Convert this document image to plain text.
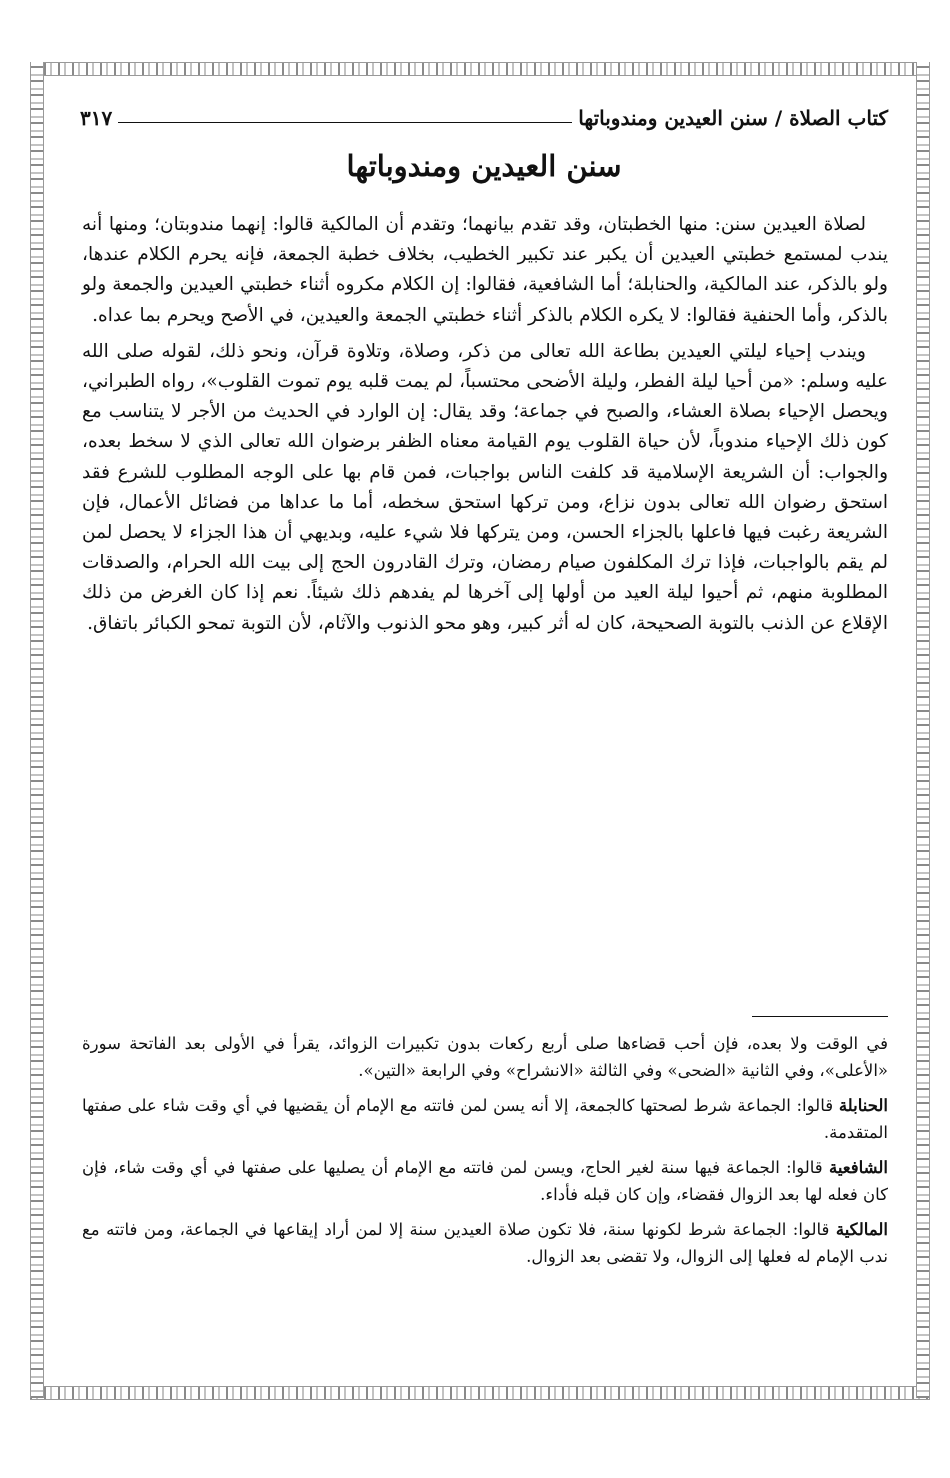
كتاب الصلاة / سنن العيدين ومندوباتها
٣١٧
سنن العيدين ومندوباتها

لصلاة العيدين سنن: منها الخطبتان، وقد تقدم بيانهما؛ وتقدم أن المالكية قالوا: إنهما مندوبتان؛ ومنها أنه يندب لمستمع خطبتي العيدين أن يكبر عند تكبير الخطيب، بخلاف خطبة الجمعة، فإنه يحرم الكلام عندها، ولو بالذكر، عند المالكية، والحنابلة؛ أما الشافعية، فقالوا: إن الكلام مكروه أثناء خطبتي العيدين والجمعة ولو بالذكر، وأما الحنفية فقالوا: لا يكره الكلام بالذكر أثناء خطبتي الجمعة والعيدين، في الأصح ويحرم بما عداه.

ويندب إحياء ليلتي العيدين بطاعة الله تعالى من ذكر، وصلاة، وتلاوة قرآن، ونحو ذلك، لقوله صلى الله عليه وسلم: «من أحيا ليلة الفطر، وليلة الأضحى محتسباً، لم يمت قلبه يوم تموت القلوب»، رواه الطبراني، ويحصل الإحياء بصلاة العشاء، والصبح في جماعة؛ وقد يقال: إن الوارد في الحديث من الأجر لا يتناسب مع كون ذلك الإحياء مندوباً، لأن حياة القلوب يوم القيامة معناه الظفر برضوان الله تعالى الذي لا سخط بعده، والجواب: أن الشريعة الإسلامية قد كلفت الناس بواجبات، فمن قام بها على الوجه المطلوب للشرع فقد استحق رضوان الله تعالى بدون نزاع، ومن تركها استحق سخطه، أما ما عداها من فضائل الأعمال، فإن الشريعة رغبت فيها فاعلها بالجزاء الحسن، ومن يتركها فلا شيء عليه، وبديهي أن هذا الجزاء لا يحصل لمن لم يقم بالواجبات، فإذا ترك المكلفون صيام رمضان، وترك القادرون الحج إلى بيت الله الحرام، والصدقات المطلوبة منهم، ثم أحيوا ليلة العيد من أولها إلى آخرها لم يفدهم ذلك شيئاً. نعم إذا كان الغرض من ذلك الإقلاع عن الذنب بالتوبة الصحيحة، كان له أثر كبير، وهو محو الذنوب والآثام، لأن التوبة تمحو الكبائر باتفاق.

في الوقت ولا بعده، فإن أحب قضاءها صلى أربع ركعات بدون تكبيرات الزوائد، يقرأ في الأولى بعد الفاتحة سورة «الأعلى»، وفي الثانية «الضحى» وفي الثالثة «الانشراح» وفي الرابعة «التين».

الحنابلة قالوا: الجماعة شرط لصحتها كالجمعة، إلا أنه يسن لمن فاتته مع الإمام أن يقضيها في أي وقت شاء على صفتها المتقدمة.

الشافعية قالوا: الجماعة فيها سنة لغير الحاج، ويسن لمن فاتته مع الإمام أن يصليها على صفتها في أي وقت شاء، فإن كان فعله لها بعد الزوال فقضاء، وإن كان قبله فأداء.

المالكية قالوا: الجماعة شرط لكونها سنة، فلا تكون صلاة العيدين سنة إلا لمن أراد إيقاعها في الجماعة، ومن فاتته مع ندب الإمام له فعلها إلى الزوال، ولا تقضى بعد الزوال.
